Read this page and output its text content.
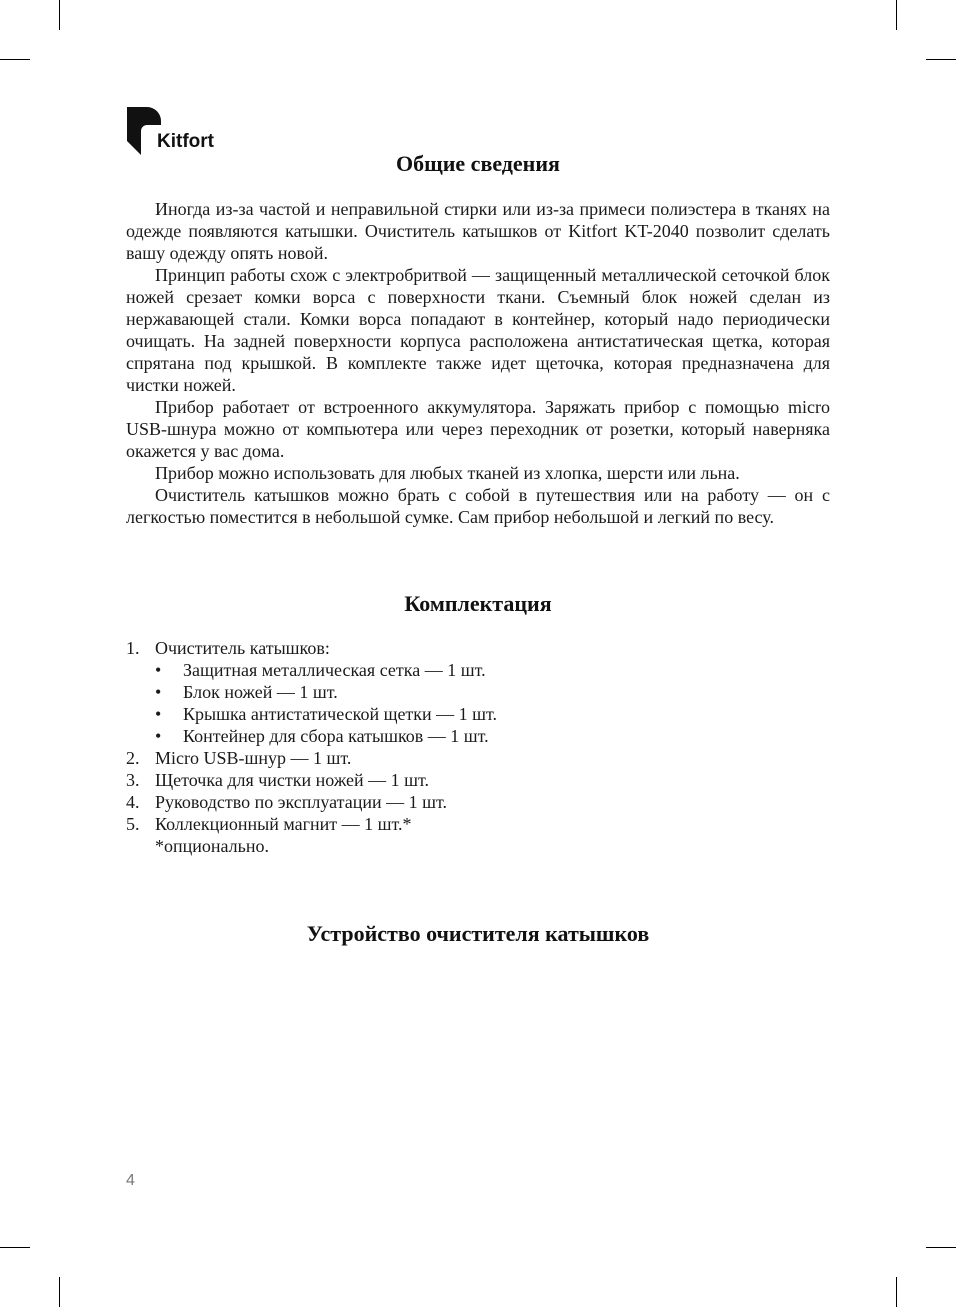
Kitfort
Общие сведения

Иногда из-за частой и неправильной стирки или из-за примеси полиэстера в тканях на одежде появляются катышки. Очиститель катышков от Kitfort KT-2040 позволит сделать вашу одежду опять новой.

Принцип работы схож с электробритвой — защищенный металлической сеточкой блок ножей срезает комки ворса с поверхности ткани. Съемный блок ножей сделан из нержавающей стали. Комки ворса попадают в контейнер, который надо периодически очищать. На задней поверхности корпуса расположена антистатическая щетка, которая спрятана под крышкой. В комплекте также идет щеточка, которая предназначена для чистки ножей.

Прибор работает от встроенного аккумулятора. Заряжать прибор с помощью micro USB-шнура можно от компьютера или через переходник от розетки, который наверняка окажется у вас дома.

Прибор можно использовать для любых тканей из хлопка, шерсти или льна.

Очиститель катышков можно брать с собой в путешествия или на работу — он с легкостью поместится в небольшой сумке. Сам прибор небольшой и легкий по весу.

Комплектация
1. Очиститель катышков:
• Защитная металлическая сетка — 1 шт.
• Блок ножей — 1 шт.
• Крышка антистатической щетки — 1 шт.
• Контейнер для сбора катышков — 1 шт.
2. Micro USB-шнур — 1 шт.
3. Щеточка для чистки ножей — 1 шт.
4. Руководство по эксплуатации — 1 шт.
5. Коллекционный магнит — 1 шт.*
*опционально.
Устройство очистителя катышков
4
